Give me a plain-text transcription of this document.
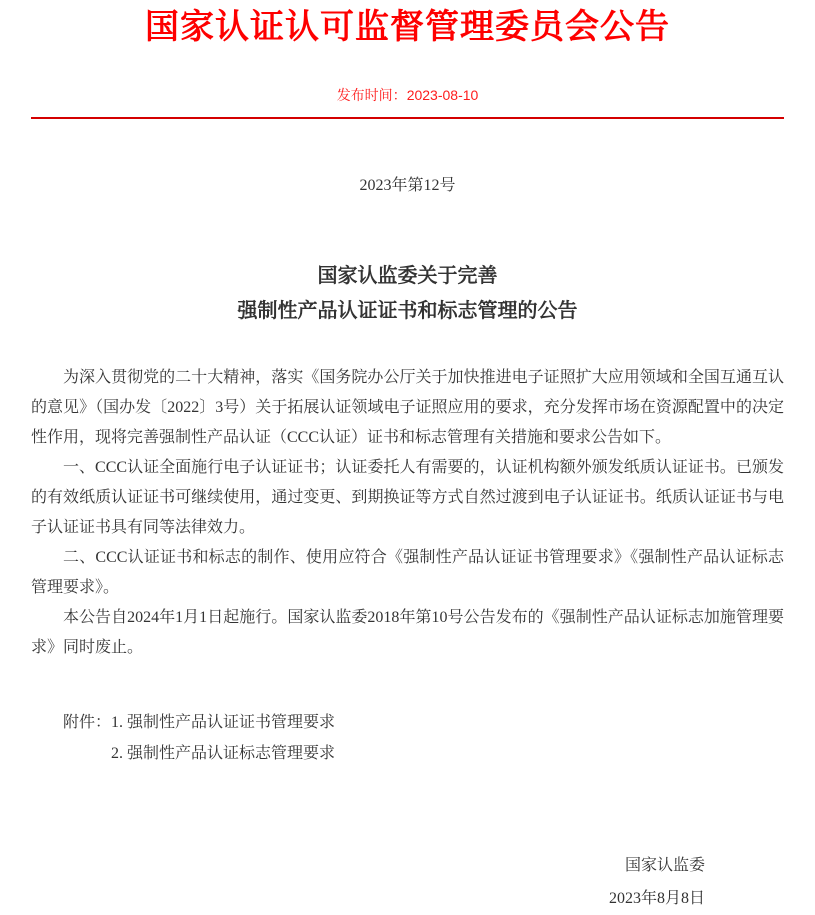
国家认证认可监督管理委员会公告
发布时间：2023-08-10
2023年第12号
国家认监委关于完善
强制性产品认证证书和标志管理的公告

为深入贯彻党的二十大精神，落实《国务院办公厅关于加快推进电子证照扩大应用领域和全国互通互认的意见》（国办发〔2022〕3号）关于拓展认证领域电子证照应用的要求，充分发挥市场在资源配置中的决定性作用，现将完善强制性产品认证（CCC认证）证书和标志管理有关措施和要求公告如下。

一、CCC认证全面施行电子认证证书；认证委托人有需要的，认证机构额外颁发纸质认证证书。已颁发的有效纸质认证证书可继续使用，通过变更、到期换证等方式自然过渡到电子认证证书。纸质认证证书与电子认证证书具有同等法律效力。

二、CCC认证证书和标志的制作、使用应符合《强制性产品认证证书管理要求》《强制性产品认证标志管理要求》。

本公告自2024年1月1日起施行。国家认监委2018年第10号公告发布的《强制性产品认证标志加施管理要求》同时废止。

附件： 1. 强制性产品认证证书管理要求
2. 强制性产品认证标志管理要求
国家认监委
2023年8月8日
